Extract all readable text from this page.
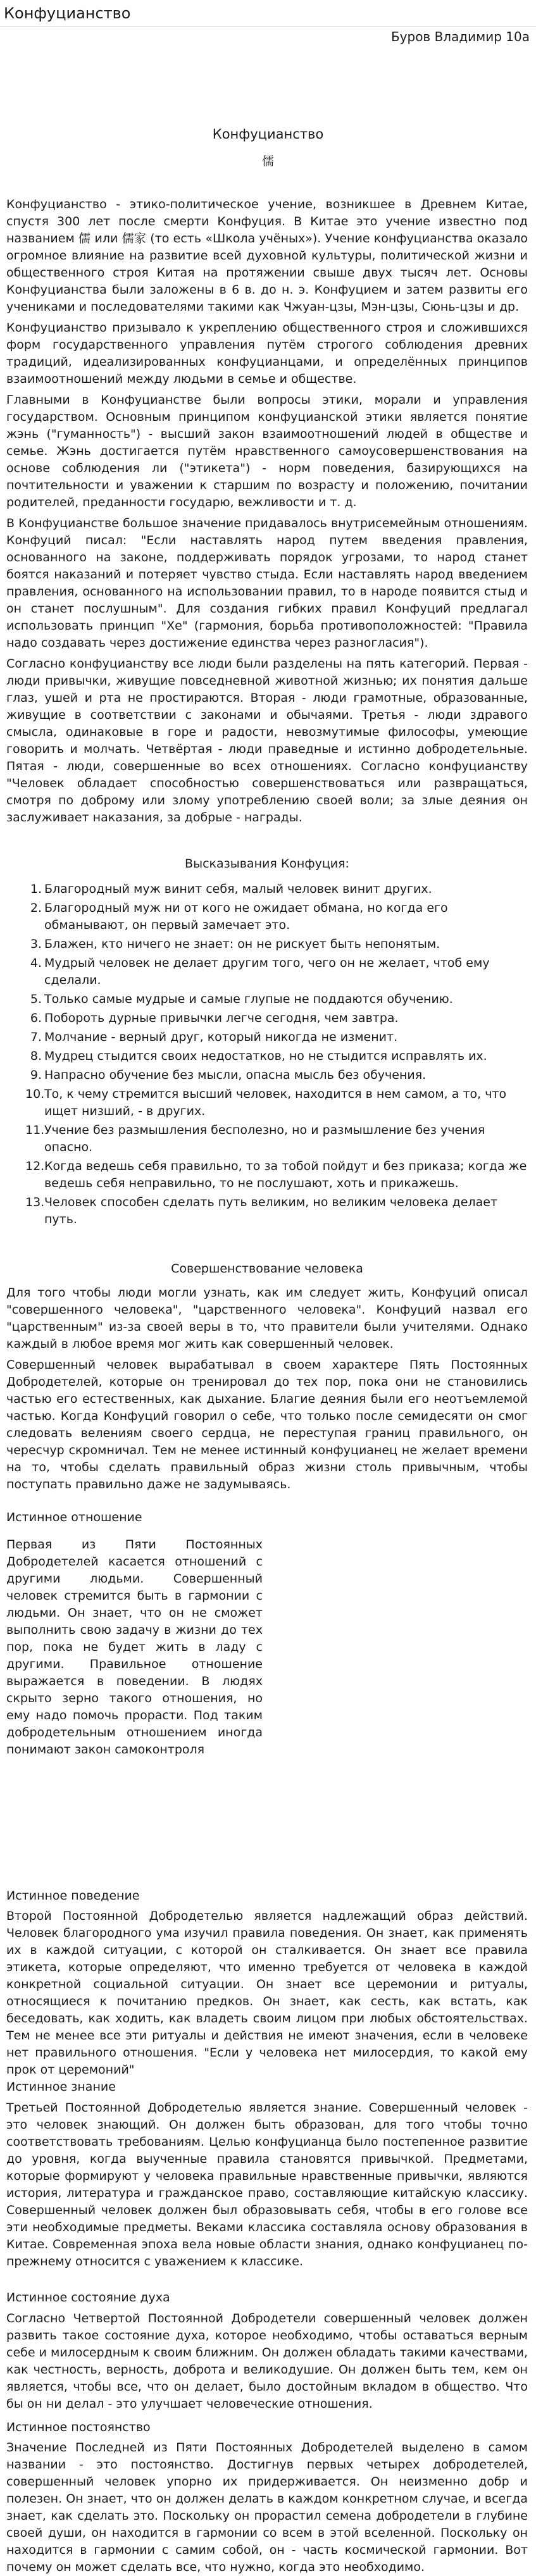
Конфуцианство
Буров Владимир 10а
Конфуцианство
儒

Конфуцианство - этико-политическое учение, возникшее в Древнем Китае, спустя 300 лет после смерти Конфуция. В Китае это учение известно под названием 儒 или 儒家 (то есть «Школа учёных»). Учение конфуцианства оказало огромное влияние на развитие всей духовной культуры, политической жизни и общественного строя Китая на протяжении свыше двух тысяч лет. Основы Конфуцианства были заложены в 6 в. до н. э. Конфуцием и затем развиты его учениками и последователями такими как Чжуан-цзы, Мэн-цзы, Сюнь-цзы и др.

Конфуцианство призывало к укреплению общественного строя и сложившихся форм государственного управления путём строгого соблюдения древних традиций, идеализированных конфуцианцами, и определённых принципов взаимоотношений между людьми в семье и обществе.

Главными в Конфуцианстве были вопросы этики, морали и управления государством. Основным принципом конфуцианской этики является понятие жэнь ("гуманность") - высший закон взаимоотношений людей в обществе и семье. Жэнь достигается путём нравственного самоусовершенствования на основе соблюдения ли ("этикета") - норм поведения, базирующихся на почтительности и уважении к старшим по возрасту и положению, почитании родителей, преданности государю, вежливости и т. д.

В Конфуцианстве большое значение придавалось внутрисемейным отношениям. Конфуций писал: "Если наставлять народ путем введения правления, основанного на законе, поддерживать порядок угрозами, то народ станет боятся наказаний и потеряет чувство стыда. Если наставлять народ введением правления, основанного на использовании правил, то в народе появится стыд и он станет послушным". Для создания гибких правил Конфуций предлагал использовать принцип "Хе" (гармония, борьба противоположностей: "Правила надо создавать через достижение единства через разногласия").

Согласно конфуцианству все люди были разделены на пять категорий. Первая - люди привычки, живущие повседневной животной жизнью; их понятия дальше глаз, ушей и рта не простираются. Вторая - люди грамотные, образованные, живущие в соответствии с законами и обычаями. Третья - люди здравого смысла, одинаковые в горе и радости, невозмутимые философы, умеющие говорить и молчать. Четвёртая - люди праведные и истинно добродетельные. Пятая - люди, совершенные во всех отношениях. Согласно конфуцианству "Человек обладает способностью совершенствоваться или развращаться, смотря по доброму или злому употреблению своей воли; за злые деяния он заслуживает наказания, за добрые - награды.

Высказывания Конфуция:
1. Благородный муж винит себя, малый человек винит других.
2. Благородный муж ни от кого не ожидает обмана, но когда его обманывают, он первый замечает это.
3. Блажен, кто ничего не знает: он не рискует быть непонятым.
4. Мудрый человек не делает другим того, чего он не желает, чтоб ему сделали.
5. Только самые мудрые и самые глупые не поддаются обучению.
6. Побороть дурные привычки легче сегодня, чем завтра.
7. Молчание - верный друг, который никогда не изменит.
8. Мудрец стыдится своих недостатков, но не стыдится исправлять их.
9. Напрасно обучение без мысли, опасна мысль без обучения.
10. То, к чему стремится высший человек, находится в нем самом, а то, что ищет низший, - в других.
11. Учение без размышления бесполезно, но и размышление без учения опасно.
12. Когда ведешь себя правильно, то за тобой пойдут и без приказа; когда же ведешь себя неправильно, то не послушают, хоть и прикажешь.
13. Человек способен сделать путь великим, но великим человека делает путь.
Совершенствование человека

Для того чтобы люди могли узнать, как им следует жить, Конфуций описал "совершенного человека", "царственного человека". Конфуций назвал его "царственным" из-за своей веры в то, что правители были учителями. Однако каждый в любое время мог жить как совершенный человек.

Совершенный человек вырабатывал в своем характере Пять Постоянных Добродетелей, которые он тренировал до тех пор, пока они не становились частью его естественных, как дыхание. Благие деяния были его неотъемлемой частью. Когда Конфуций говорил о себе, что только после семидесяти он смог следовать велениям своего сердца, не переступая границ правильного, он чересчур скромничал. Тем не менее истинный конфуцианец не желает времени на то, чтобы сделать правильный образ жизни столь привычным, чтобы поступать правильно даже не задумываясь.

Истинное отношение
Первая из Пяти Постоянных Добродетелей касается отношений с другими людьми. Совершенный человек стремится быть в гармонии с людьми. Он знает, что он не сможет выполнить свою задачу в жизни до тех пор, пока не будет жить в ладу с другими. Правильное отношение выражается в поведении. В людях скрыто зерно такого отношения, но ему надо помочь прорасти. Под таким добродетельным отношением иногда понимают закон самоконтроля
Истинное поведение
Второй Постоянной Добродетелью является надлежащий образ действий. Человек благородного ума изучил правила поведения. Он знает, как применять их в каждой ситуации, с которой он сталкивается. Он знает все правила этикета, которые определяют, что именно требуется от человека в каждой конкретной социальной ситуации. Он знает все церемонии и ритуалы, относящиеся к почитанию предков. Он знает, как сесть, как встать, как беседовать, как ходить, как владеть своим лицом при любых обстоятельствах. Тем не менее все эти ритуалы и действия не имеют значения, если в человеке нет правильного отношения. "Если у человека нет милосердия, то какой ему прок от церемоний"
Истинное знание
Третьей Постоянной Добродетелью является знание. Совершенный человек - это человек знающий. Он должен быть образован, для того чтобы точно соответствовать требованиям. Целью конфуцианца было постепенное развитие до уровня, когда выученные правила становятся привычкой. Предметами, которые формируют у человека правильные нравственные привычки, являются история, литература и гражданское право, составляющие китайскую классику. Совершенный человек должен был образовывать себя, чтобы в его голове все эти необходимые предметы. Веками классика составляла основу образования в Китае. Современная эпоха вела новые области знания, однако конфуцианец по-прежнему относится с уважением к классике.
Истинное состояние духа
Согласно Четвертой Постоянной Добродетели совершенный человек должен развить такое состояние духа, которое необходимо, чтобы оставаться верным себе и милосердным к своим ближним. Он должен обладать такими качествами, как честность, верность, доброта и великодушие. Он должен быть тем, кем он является, чтобы все, что он делает, было достойным вкладом в общество. Что бы он ни делал - это улучшает человеческие отношения.
Истинное постоянство
Значение Последней из Пяти Постоянных Добродетелей выделено в самом названии - это постоянство. Достигнув первых четырех добродетелей, совершенный человек упорно их придерживается. Он неизменно добр и полезен. Он знает, что он должен делать в каждом конкретном случае, и всегда знает, как сделать это. Поскольку он прорастил семена добродетели в глубине своей души, он находится в гармонии со всем в этой вселенной. Поскольку он находится в гармонии с самим собой, он - часть космической гармонии. Вот почему он может сделать все, что нужно, когда это необходимо.
